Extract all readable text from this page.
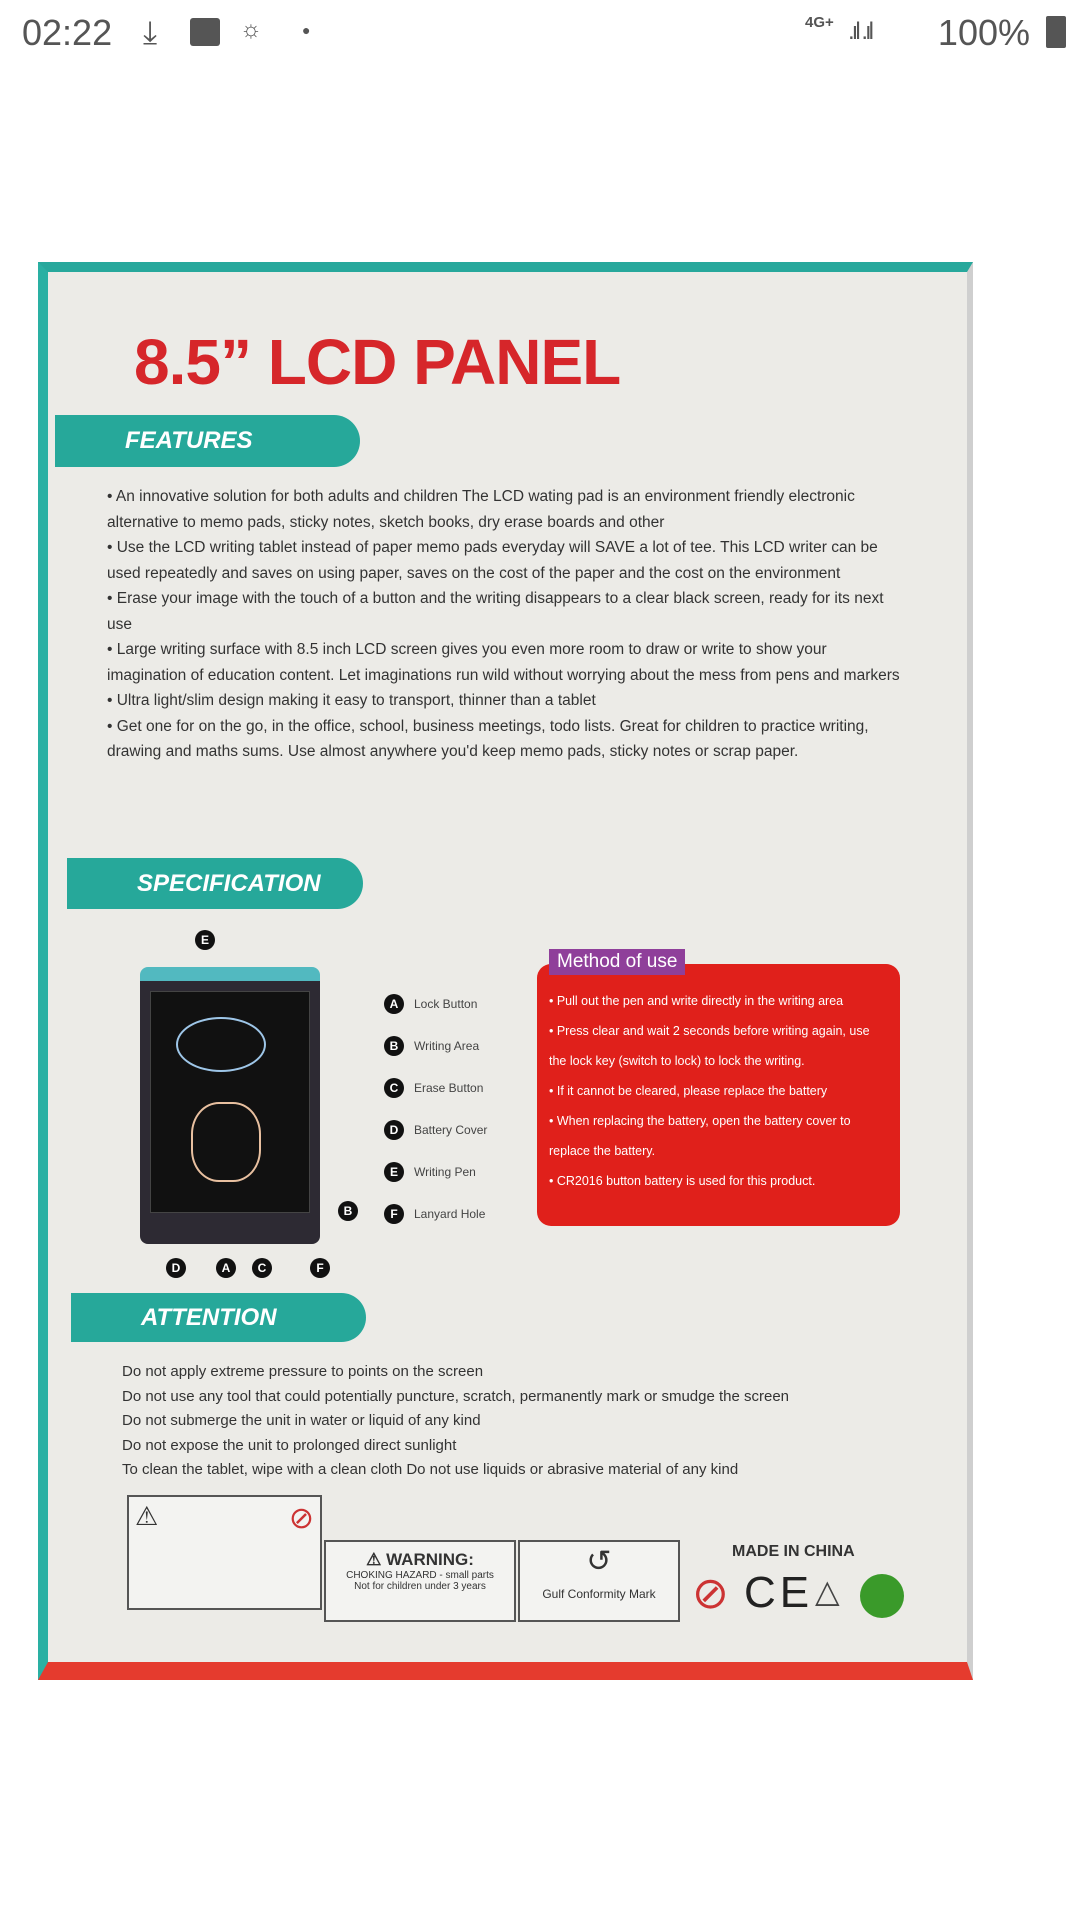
02:22 ⤓	☼	●	4G+ .ıl .ıl 100%
8.5” LCD PANEL
FEATURES

• An innovative solution for both adults and children The LCD wating pad is an environment friendly electronic alternative to memo pads, sticky notes, sketch books, dry erase boards and other

• Use the LCD writing tablet instead of paper memo pads everyday will SAVE a lot of tee. This LCD writer can be used repeatedly and saves on using paper, saves on the cost of the paper and the cost on the environment

• Erase your image with the touch of a button and the writing disappears to a clear black screen, ready for its next use

• Large writing surface with 8.5 inch LCD screen gives you even more room to draw or write to show your imagination of education content. Let imaginations run wild without worrying about the mess from pens and markers

• Ultra light/slim design making it easy to transport, thinner than a tablet

• Get one for on the go, in the office, school, business meetings, todo lists. Great for children to practice writing, drawing and maths sums. Use almost anywhere you'd keep memo pads, sticky notes or scrap paper.

SPECIFICATION
E
B
D	A	C	F
A	Lock Button
B	Writing Area
C	Erase Button
D	Battery Cover
E	Writing Pen
F	Lanyard Hole

• Pull out the pen and write directly in the writing area

• Press clear and wait 2 seconds before writing again, use the lock key (switch to lock) to lock the writing.

• If it cannot be cleared, please replace the battery

• When replacing the battery, open the battery cover to replace the battery.

• CR2016 button battery is used for this product.

Method of use
ATTENTION

Do not apply extreme pressure to points on the screen

Do not use any tool that could potentially puncture, scratch, permanently mark or smudge the screen

Do not submerge the unit in water or liquid of any kind

Do not expose the unit to prolonged direct sunlight

To clean the tablet, wipe with a clean cloth Do not use liquids or abrasive material of any kind

⚠	⊘
⚠ WARNING:
CHOKING HAZARD - small parts
Not for children under 3 years
↺
Gulf Conformity Mark
MADE IN CHINA
⊘ CE △
